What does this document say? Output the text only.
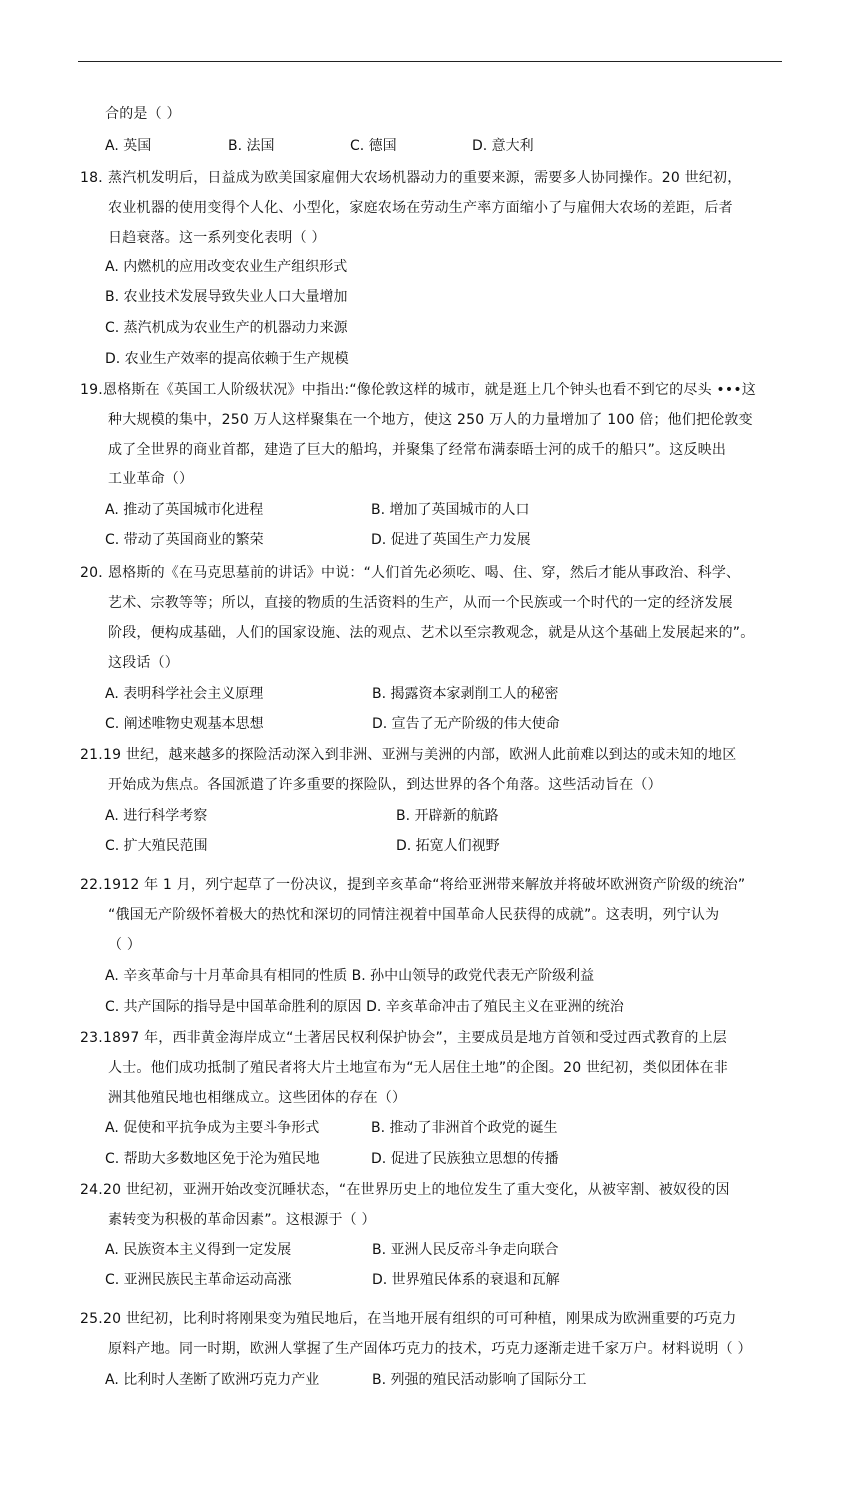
合的是（ ）
A. 英国	B. 法国	C. 德国	D. 意大利
18．
蒸汽机发明后，日益成为欧美国家雇佣大农场机器动力的重要来源，需要多人协同操作。20 世纪初，
农业机器的使用变得个人化、小型化，家庭农场在劳动生产率方面缩小了与雇佣大农场的差距，后者
日趋衰落。这一系列变化表明（ ）
A. 内燃机的应用改变农业生产组织形式
B. 农业技术发展导致失业人口大量增加
C. 蒸汽机成为农业生产的机器动力来源
D. 农业生产效率的提高依赖于生产规模
19. 恩格斯在《英国工人阶级状况》中指出:“像伦敦这样的城市，就是逛上几个钟头也看不到它的尽头 •••这
种大规模的集中，250 万人这样聚集在一个地方，使这 250 万人的力量增加了 100 倍；他们把伦敦变
成了全世界的商业首都，建造了巨大的船坞，并聚集了经常布满泰晤士河的成千的船只”。这反映出
工业革命（）
A. 推动了英国城市化进程	B. 增加了英国城市的人口
C. 带动了英国商业的繁荣	D. 促进了英国生产力发展
20．
恩格斯的《在马克思墓前的讲话》中说：“人们首先必须吃、喝、住、穿，然后才能从事政治、科学、
艺术、宗教等等；所以，直接的物质的生活资料的生产，从而一个民族或一个时代的一定的经济发展
阶段，便构成基础，人们的国家设施、法的观点、艺术以至宗教观念，就是从这个基础上发展起来的”。
这段话（）
A. 表明科学社会主义原理	B. 揭露资本家剥削工人的秘密
C. 阐述唯物史观基本思想	D. 宣告了无产阶级的伟大使命
21. 19 世纪，越来越多的探险活动深入到非洲、亚洲与美洲的内部，欧洲人此前难以到达的或未知的地区
开始成为焦点。各国派遣了许多重要的探险队，到达世界的各个角落。这些活动旨在（）
A. 进行科学考察	B. 开辟新的航路
C. 扩大殖民范围	D. 拓宽人们视野
22. 1912 年 1 月，列宁起草了一份决议，提到辛亥革命“将给亚洲带来解放并将破坏欧洲资产阶级的统治”
“俄国无产阶级怀着极大的热忱和深切的同情注视着中国革命人民获得的成就”。这表明，列宁认为
（ ）
A. 辛亥革命与十月革命具有相同的性质 B. 孙中山领导的政党代表无产阶级利益
C. 共产国际的指导是中国革命胜利的原因 D. 辛亥革命冲击了殖民主义在亚洲的统治
23. 1897 年，西非黄金海岸成立“土著居民权利保护协会”，主要成员是地方首领和受过西式教育的上层
人士。他们成功抵制了殖民者将大片土地宣布为“无人居住土地”的企图。20 世纪初，类似团体在非
洲其他殖民地也相继成立。这些团体的存在（）
A. 促使和平抗争成为主要斗争形式	B. 推动了非洲首个政党的诞生
C. 帮助大多数地区免于沦为殖民地	D. 促进了民族独立思想的传播
24. 20 世纪初，亚洲开始改变沉睡状态，“在世界历史上的地位发生了重大变化，从被宰割、被奴役的因
素转变为积极的革命因素”。这根源于（ ）
A. 民族资本主义得到一定发展	B. 亚洲人民反帝斗争走向联合
C. 亚洲民族民主革命运动高涨	D. 世界殖民体系的衰退和瓦解
25. 20 世纪初，比利时将刚果变为殖民地后，在当地开展有组织的可可种植，刚果成为欧洲重要的巧克力
原料产地。同一时期，欧洲人掌握了生产固体巧克力的技术，巧克力逐渐走进千家万户。材料说明（ ）
A. 比利时人垄断了欧洲巧克力产业	B. 列强的殖民活动影响了国际分工
